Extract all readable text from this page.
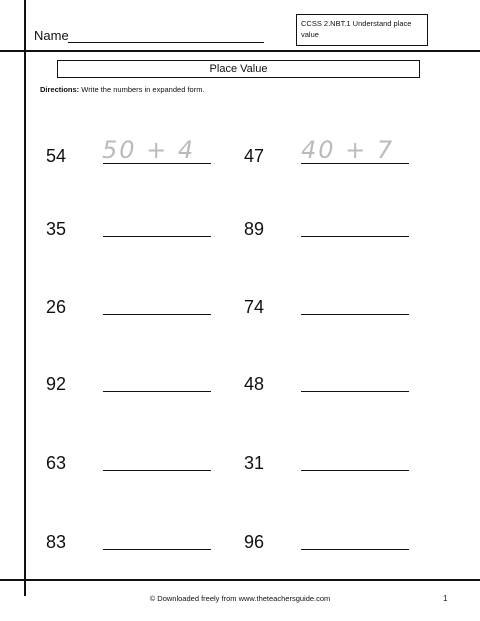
Name
CCSS 2.NBT.1 Understand place value
Place Value
Directions: Write the numbers in expanded form.
54 50 + 4	47 40 + 7
35	89
26	74
92	48
63	31
83	96
© Downloaded freely from www.theteachersguide.com	1
